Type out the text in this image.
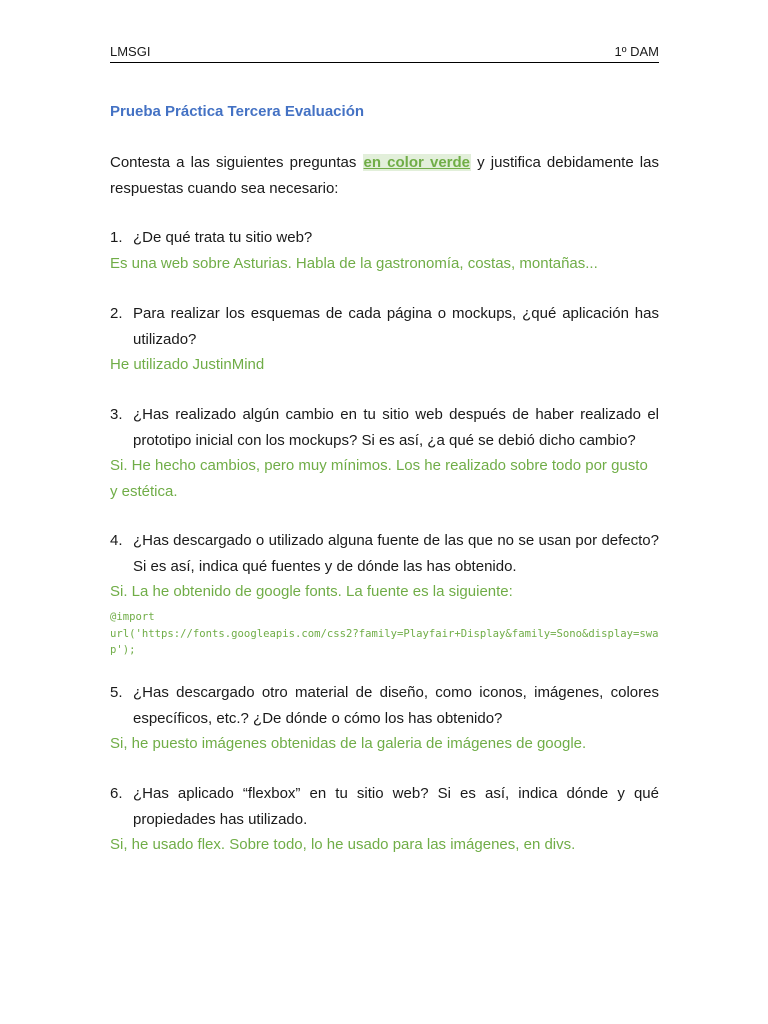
LMSGI	1º DAM
Prueba Práctica Tercera Evaluación
Contesta a las siguientes preguntas en color verde y justifica debidamente las respuestas cuando sea necesario:
1. ¿De qué trata tu sitio web?
Es una web sobre Asturias. Habla de la gastronomía, costas, montañas...
2. Para realizar los esquemas de cada página o mockups, ¿qué aplicación has utilizado?
He utilizado JustinMind
3. ¿Has realizado algún cambio en tu sitio web después de haber realizado el prototipo inicial con los mockups? Si es así, ¿a qué se debió dicho cambio?
Si. He hecho cambios, pero muy mínimos. Los he realizado sobre todo por gusto y estética.
4. ¿Has descargado o utilizado alguna fuente de las que no se usan por defecto? Si es así, indica qué fuentes y de dónde las has obtenido.
Si. La he obtenido de google fonts. La fuente es la siguiente:
@import
url('https://fonts.googleapis.com/css2?family=Playfair+Display&family=Sono&display=swap');
5. ¿Has descargado otro material de diseño, como iconos, imágenes, colores específicos, etc.? ¿De dónde o cómo los has obtenido?
Si, he puesto imágenes obtenidas de la galeria de imágenes de google.
6. ¿Has aplicado “flexbox” en tu sitio web? Si es así, indica dónde y qué propiedades has utilizado.
Si, he usado flex. Sobre todo, lo he usado para las imágenes, en divs.
